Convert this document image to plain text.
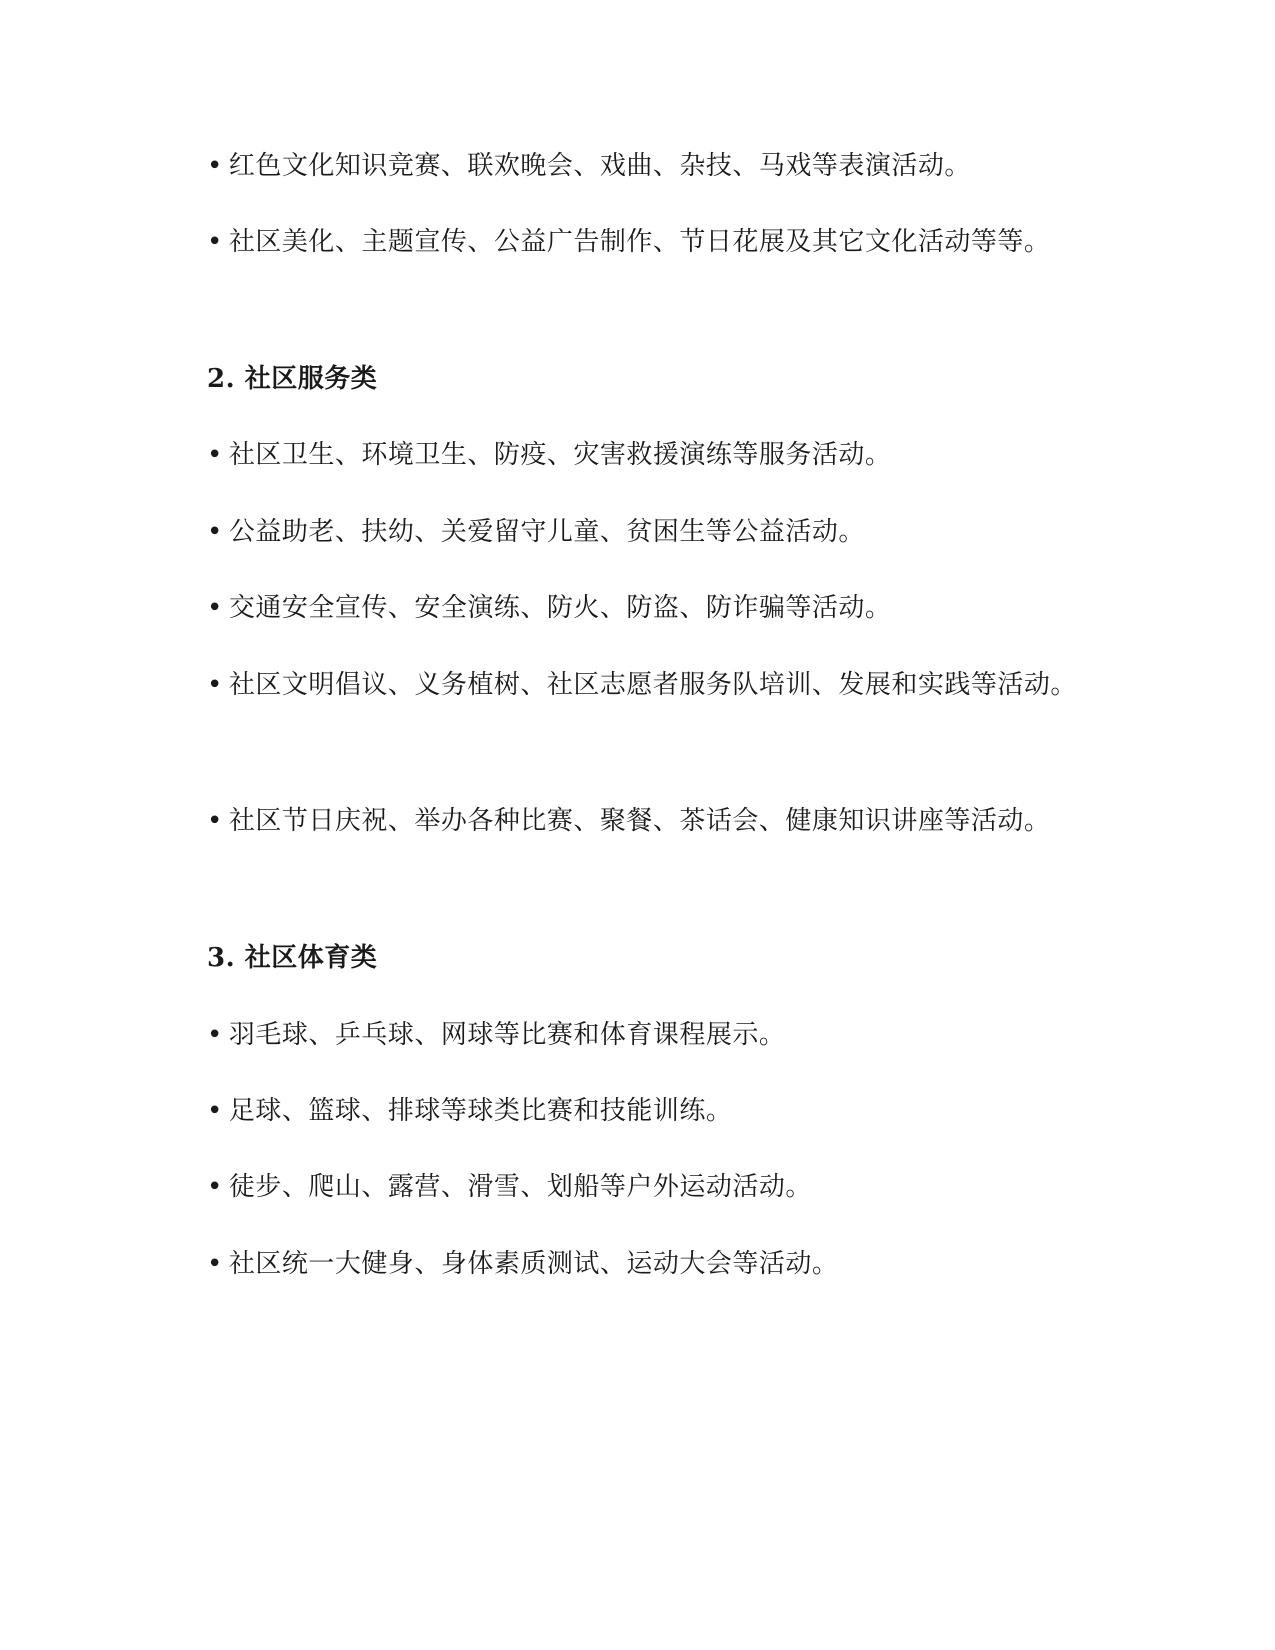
• 红色文化知识竞赛、联欢晚会、戏曲、杂技、马戏等表演活动。
• 社区美化、主题宣传、公益广告制作、节日花展及其它文化活动等等。
2. 社区服务类
• 社区卫生、环境卫生、防疫、灾害救援演练等服务活动。
• 公益助老、扶幼、关爱留守儿童、贫困生等公益活动。
• 交通安全宣传、安全演练、防火、防盗、防诈骗等活动。
• 社区文明倡议、义务植树、社区志愿者服务队培训、发展和实践等活动。
• 社区节日庆祝、举办各种比赛、聚餐、茶话会、健康知识讲座等活动。
3. 社区体育类
• 羽毛球、乒乓球、网球等比赛和体育课程展示。
• 足球、篮球、排球等球类比赛和技能训练。
• 徒步、爬山、露营、滑雪、划船等户外运动活动。
• 社区统一大健身、身体素质测试、运动大会等活动。
